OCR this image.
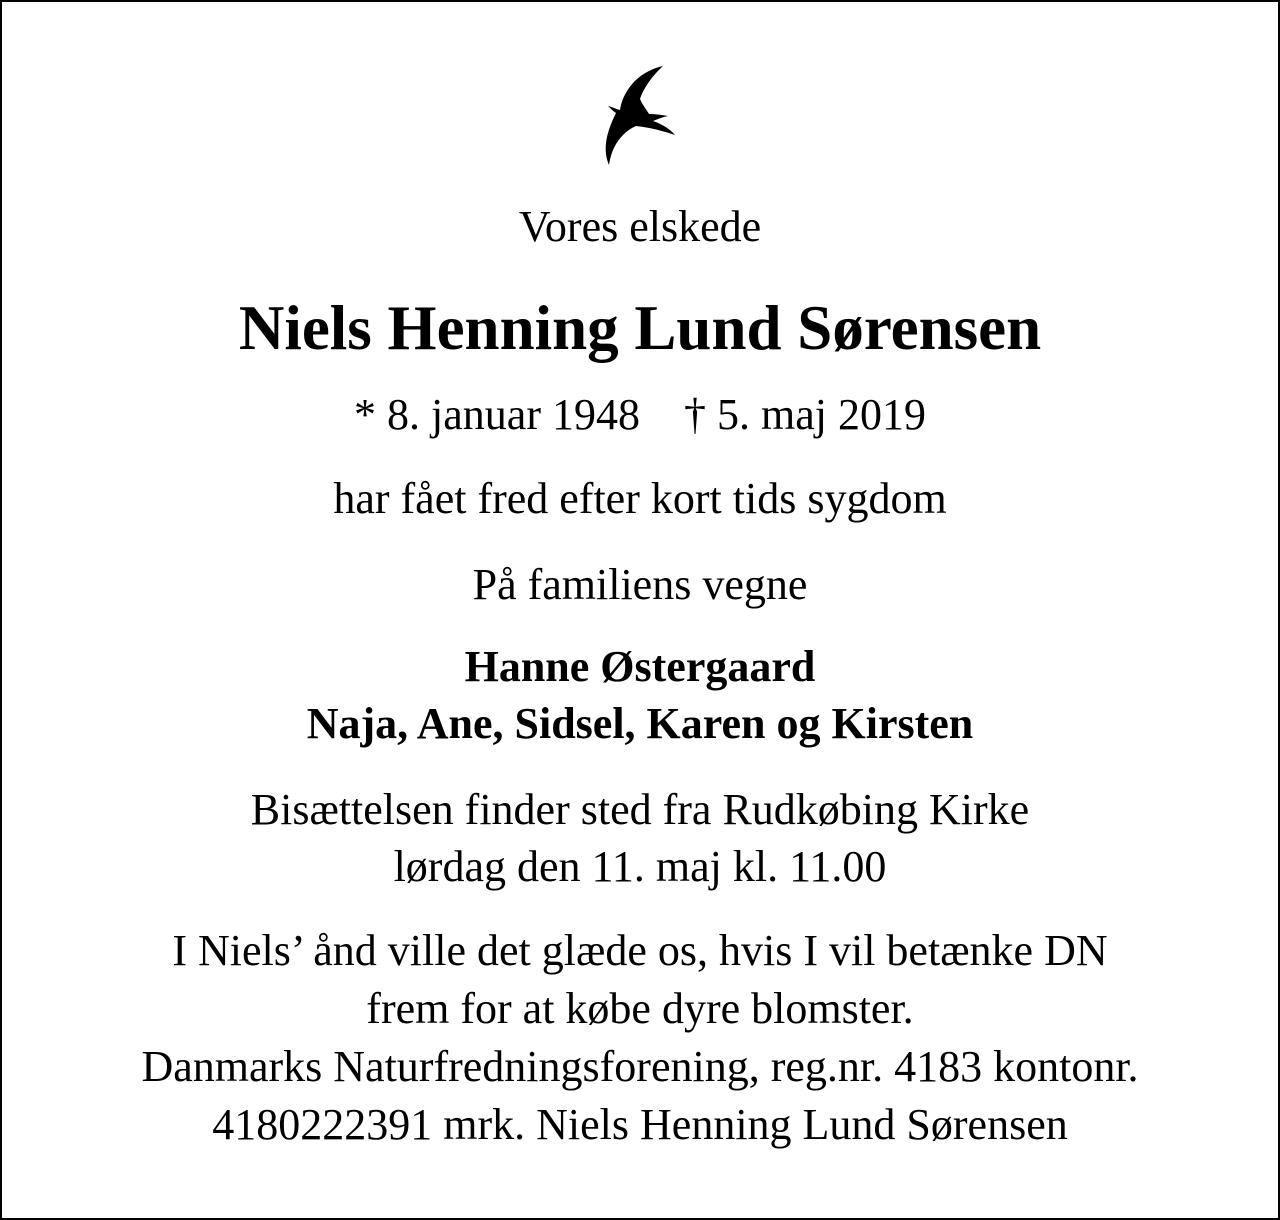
Vores elskede
Niels Henning Lund Sørensen
* 8. januar 1948 † 5. maj 2019
har fået fred efter kort tids sygdom
På familiens vegne
Hanne Østergaard
Naja, Ane, Sidsel, Karen og Kirsten
Bisættelsen finder sted fra Rudkøbing Kirke
lørdag den 11. maj kl. 11.00
I Niels’ ånd ville det glæde os, hvis I vil betænke DN
frem for at købe dyre blomster.
Danmarks Naturfredningsforening, reg.nr. 4183 kontonr.
4180222391 mrk. Niels Henning Lund Sørensen
